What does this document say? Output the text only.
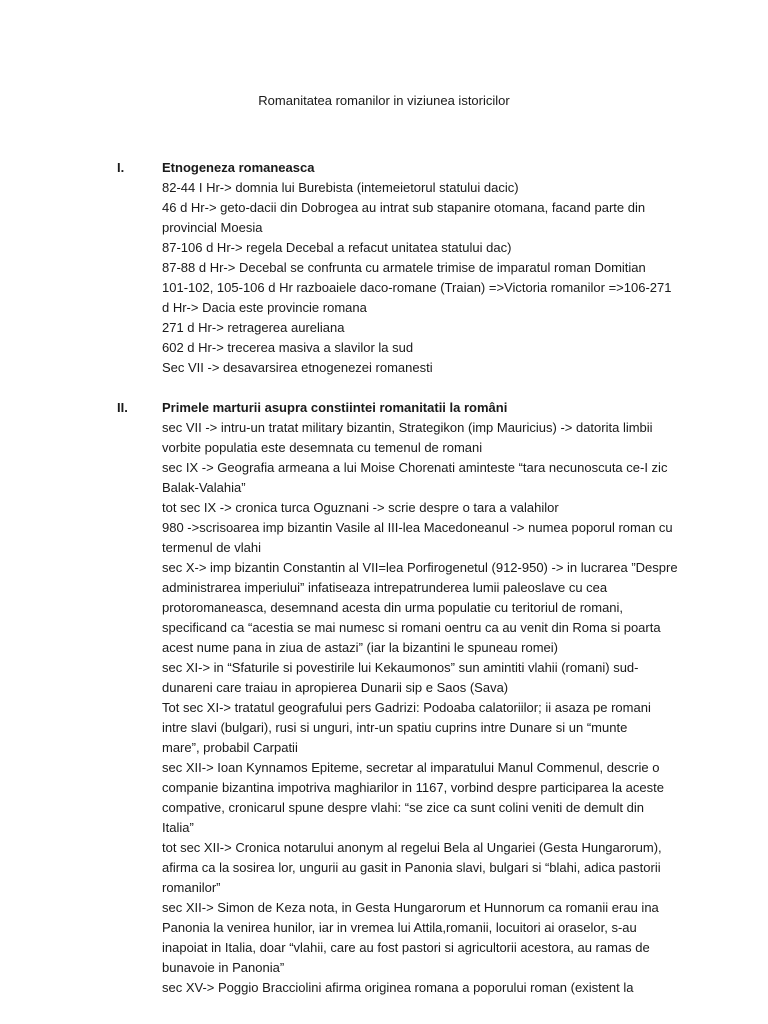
Romanitatea romanilor in viziunea istoricilor
I.	Etnogeneza romaneasca
82-44 I Hr-> domnia lui Burebista (intemeietorul statului dacic)
46 d Hr-> geto-dacii din Dobrogea au intrat sub stapanire otomana, facand parte din
provincial Moesia
87-106 d Hr-> regela Decebal a refacut unitatea statului dac)
87-88 d Hr-> Decebal se confrunta cu armatele trimise de imparatul roman Domitian
101-102, 105-106 d Hr razboaiele daco-romane (Traian) =>Victoria romanilor =>106-271
d Hr-> Dacia este provincie romana
271 d Hr-> retragerea aureliana
602 d Hr-> trecerea masiva a slavilor la sud
Sec VII -> desavarsirea etnogenezei romanesti
II.	Primele marturii asupra constiintei romanitatii la români
sec VII -> intru-un tratat military bizantin, Strategikon (imp Mauricius) -> datorita limbii
vorbite populatia este desemnata cu temenul de romani
sec IX -> Geografia armeana a lui Moise Chorenati aminteste “tara necunoscuta ce-I zic
Balak-Valahia”
tot sec IX -> cronica turca Oguznani -> scrie despre o tara a valahilor
980 ->scrisoarea imp bizantin Vasile al III-lea Macedoneanul -> numea poporul roman cu
termenul de vlahi
sec X-> imp bizantin Constantin al VII=lea Porfirogenetul (912-950) -> in lucrarea ”Despre
administrarea imperiului” infatiseaza intrepatrunderea lumii paleoslave cu cea
protoromaneasca, desemnand acesta din urma populatie cu teritoriul de romani,
specificand ca “acestia se mai numesc si romani oentru ca au venit din Roma si poarta
acest nume pana in ziua de astazi” (iar la bizantini le spuneau romei)
sec XI-> in “Sfaturile si povestirile lui Kekaumonos” sun amintiti vlahii (romani) sud-
dunareni care traiau in apropierea Dunarii sip e Saos (Sava)
Tot sec XI-> tratatul geografului pers Gadrizi: Podoaba calatoriilor; ii asaza pe romani
intre slavi (bulgari), rusi si unguri, intr-un spatiu cuprins intre Dunare si un “munte
mare”, probabil Carpatii
sec XII-> Ioan Kynnamos Epiteme, secretar al imparatului Manul Commenul, descrie o
companie bizantina impotriva maghiarilor in 1167, vorbind despre participarea la aceste
compative, cronicarul spune despre vlahi: “se zice ca sunt colini veniti de demult din
Italia”
tot sec XII-> Cronica notarului anonym al regelui Bela al Ungariei (Gesta Hungarorum),
afirma ca la sosirea lor, ungurii au gasit in Panonia slavi, bulgari si “blahi, adica pastorii
romanilor”
sec XII-> Simon de Keza nota, in Gesta Hungarorum et Hunnorum ca romanii erau ina
Panonia la venirea hunilor, iar in vremea lui Attila,romanii, locuitori ai oraselor, s-au
inapoiat in Italia, doar “vlahii, care au fost pastori si agricultorii acestora, au ramas de
bunavoie in Panonia”
sec XV-> Poggio Bracciolini afirma originea romana a poporului roman (existent la
